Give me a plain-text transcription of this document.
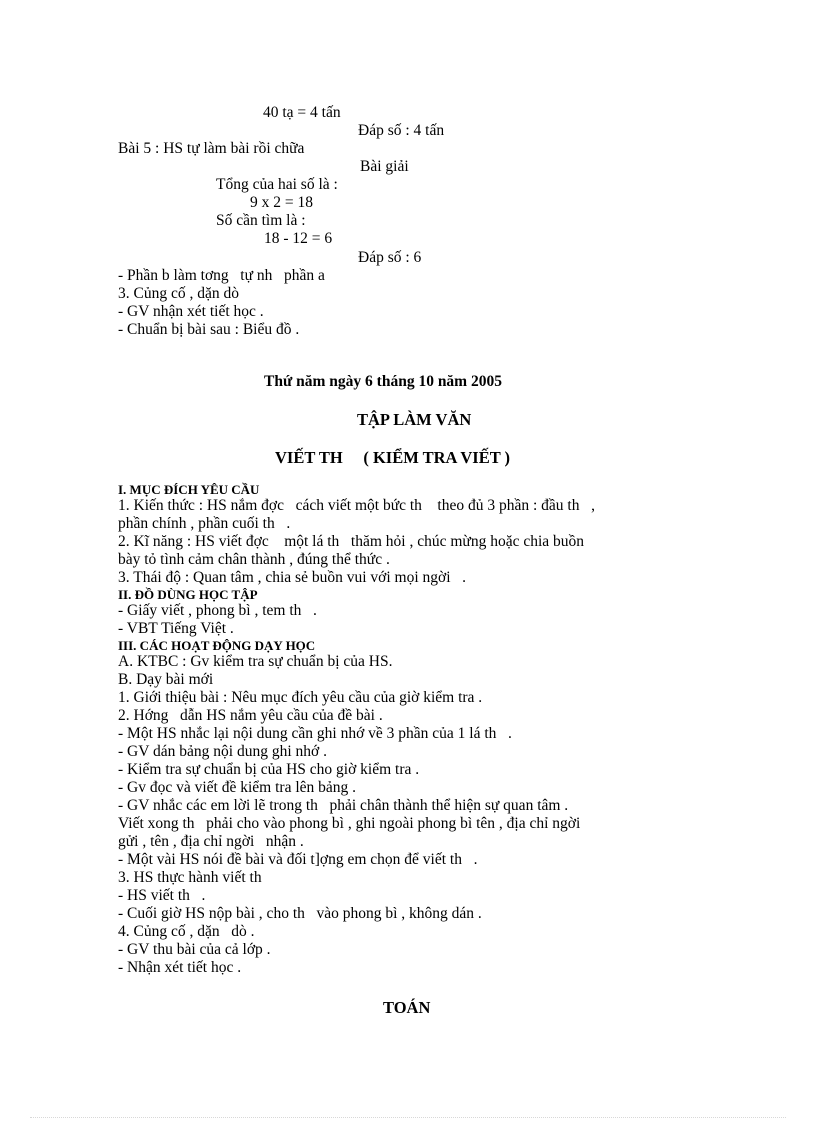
40 tạ = 4 tấn
Đáp số : 4 tấn
Bài 5 : HS tự làm bài rồi chữa
Bài giải
Tổng của hai số là :
9 x 2 = 18
Số cần tìm là :
18 - 12 = 6
Đáp số : 6
- Phần b làm tơng   tự nh   phần a
3. Củng cố , dặn dò
- GV nhận xét tiết học .
- Chuẩn bị bài sau : Biểu đồ .
Thứ năm ngày 6 tháng 10 năm 2005
TẬP LÀM VĂN
VIẾT TH     ( KIỂM TRA VIẾT )
I. MỤC ĐÍCH YÊU CẦU
1. Kiến thức : HS nắm đợc   cách viết một bức th    theo đủ 3 phần : đầu th   ,
phần chính , phần cuối th   .
2. Kĩ năng : HS viết đợc    một lá th   thăm hỏi , chúc mừng hoặc chia buồn
bày tỏ tình cảm chân thành , đúng thể thức .
3. Thái độ : Quan tâm , chia sẻ buồn vui với mọi ngời   .
II. ĐỒ DÙNG HỌC TẬP
- Giấy viết , phong bì , tem th   .
- VBT Tiếng Việt .
III. CÁC HOẠT ĐỘNG DẠY HỌC
A. KTBC : Gv kiểm tra sự chuẩn bị của HS.
B. Dạy bài mới
1. Giới thiệu bài : Nêu mục đích yêu cầu của giờ kiểm tra .
2. Hớng   dẫn HS nắm yêu cầu của đề bài .
- Một HS nhắc lại nội dung cần ghi nhớ về 3 phần của 1 lá th   .
- GV dán bảng nội dung ghi nhớ .
- Kiểm tra sự chuẩn bị của HS cho giờ kiểm tra .
- Gv đọc và viết đề kiểm tra lên bảng .
- GV nhắc các em lời lẽ trong th   phải chân thành thể hiện sự quan tâm .
Viết xong th   phải cho vào phong bì , ghi ngoài phong bì tên , địa chỉ ngời
gửi , tên , địa chỉ ngời   nhận .
- Một vài HS nói đề bài và đối t]ợng em chọn để viết th   .
3. HS thực hành viết th
- HS viết th   .
- Cuối giờ HS nộp bài , cho th   vào phong bì , không dán .
4. Củng cố , dặn   dò .
- GV thu bài của cả lớp .
- Nhận xét tiết học .
TOÁN
